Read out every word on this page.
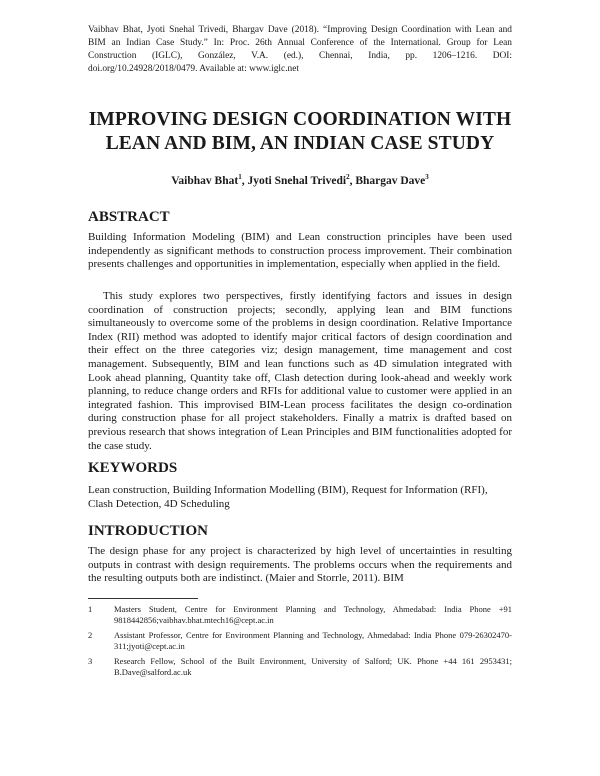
Vaibhav Bhat, Jyoti Snehal Trivedi, Bhargav Dave (2018). “Improving Design Coordination with Lean and
BIM an Indian Case Study.” In: Proc. 26th Annual Conference of the International. Group for Lean
Construction (IGLC), González, V.A. (ed.), Chennai, India, pp. 1206–1216. DOI:
doi.org/10.24928/2018/0479. Available at: www.iglc.net
IMPROVING DESIGN COORDINATION WITH
LEAN AND BIM, AN INDIAN CASE STUDY
Vaibhav Bhat$^1$, Jyoti Snehal Trivedi$^2$, Bhargav Dave$^3$
ABSTRACT

Building Information Modeling (BIM) and Lean construction principles have been used independently as significant methods to construction process improvement. Their combination presents challenges and opportunities in implementation, especially when applied in the field.

This study explores two perspectives, firstly identifying factors and issues in design coordination of construction projects; secondly, applying lean and BIM functions simultaneously to overcome some of the problems in design coordination. Relative Importance Index (RII) method was adopted to identify major critical factors of design coordination and their effect on the three categories viz; design management, time management and cost management. Subsequently, BIM and lean functions such as 4D simulation integrated with Look ahead planning, Quantity take off, Clash detection during look-ahead and weekly work planning, to reduce change orders and RFIs for additional value to customer were applied in an integrated fashion. This improvised BIM-Lean process facilitates the design co-ordination during construction phase for all project stakeholders. Finally a matrix is drafted based on previous research that shows integration of Lean Principles and BIM functionalities adopted for the case study.

KEYWORDS

Lean construction, Building Information Modelling (BIM), Request for Information (RFI), Clash Detection, 4D Scheduling

INTRODUCTION

The design phase for any project is characterized by high level of uncertainties in resulting outputs in contrast with design requirements. The problems occurs when the requirements and the resulting outputs both are indistinct. (Maier and Storrle, 2011). BIM

1	Masters Student, Centre for Environment Planning and Technology, Ahmedabad: India Phone +91 9818442856;vaibhav.bhat.mtech16@cept.ac.in
2	Assistant Professor, Centre for Environment Planning and Technology, Ahmedabad: India Phone 079-26302470-311;jyoti@cept.ac.in
3	Research Fellow, School of the Built Environment, University of Salford; UK. Phone +44 161 2953431; B.Dave@salford.ac.uk
